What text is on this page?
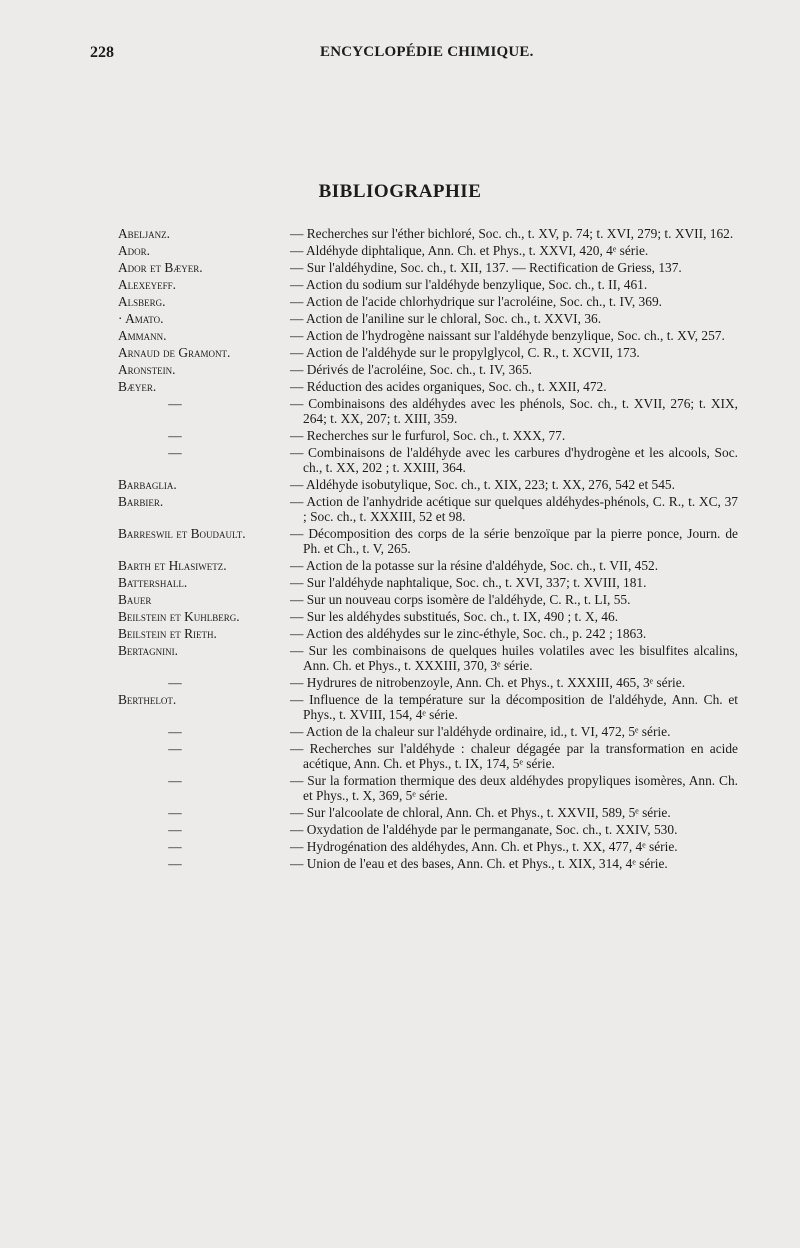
228	ENCYCLOPÉDIE CHIMIQUE.
BIBLIOGRAPHIE
Abeljanz.	— Recherches sur l'éther bichloré, Soc. ch., t. XV, p. 74; t. XVI, 279; t. XVII, 162.
Ador.	— Aldéhyde diphtalique, Ann. Ch. et Phys., t. XXVI, 420, 4ᵉ série.
Ador et Bæyer.	— Sur l'aldéhydine, Soc. ch., t. XII, 137. — Rectification de Griess, 137.
Alexeyeff.	— Action du sodium sur l'aldéhyde benzylique, Soc. ch., t. II, 461.
Alsberg.	— Action de l'acide chlorhydrique sur l'acroléine, Soc. ch., t. IV, 369.
· Amato.	— Action de l'aniline sur le chloral, Soc. ch., t. XXVI, 36.
Ammann.	— Action de l'hydrogène naissant sur l'aldéhyde benzylique, Soc. ch., t. XV, 257.
Arnaud de Gramont.	— Action de l'aldéhyde sur le propylglycol, C. R., t. XCVII, 173.
Aronstein.	— Dérivés de l'acroléine, Soc. ch., t. IV, 365.
Bæyer.	— Réduction des acides organiques, Soc. ch., t. XXII, 472.
—	— Combinaisons des aldéhydes avec les phénols, Soc. ch., t. XVII, 276; t. XIX, 264; t. XX, 207; t. XIII, 359.
—	— Recherches sur le furfurol, Soc. ch., t. XXX, 77.
—	— Combinaisons de l'aldéhyde avec les carbures d'hydrogène et les alcools, Soc. ch., t. XX, 202 ; t. XXIII, 364.
Barbaglia.	— Aldéhyde isobutylique, Soc. ch., t. XIX, 223; t. XX, 276, 542 et 545.
Barbier.	— Action de l'anhydride acétique sur quelques aldéhydes-phénols, C. R., t. XC, 37 ; Soc. ch., t. XXXIII, 52 et 98.
Barreswil et Boudault.	— Décomposition des corps de la série benzoïque par la pierre ponce, Journ. de Ph. et Ch., t. V, 265.
Barth et Hlasiwetz.	— Action de la potasse sur la résine d'aldéhyde, Soc. ch., t. VII, 452.
Battershall.	— Sur l'aldéhyde naphtalique, Soc. ch., t. XVI, 337; t. XVIII, 181.
Bauer	— Sur un nouveau corps isomère de l'aldéhyde, C. R., t. LI, 55.
Beilstein et Kuhlberg.	— Sur les aldéhydes substitués, Soc. ch., t. IX, 490 ; t. X, 46.
Beilstein et Rieth.	— Action des aldéhydes sur le zinc-éthyle, Soc. ch., p. 242 ; 1863.
Bertagnini.	— Sur les combinaisons de quelques huiles volatiles avec les bisulfites alcalins, Ann. Ch. et Phys., t. XXXIII, 370, 3ᵉ série.
—	— Hydrures de nitrobenzoyle, Ann. Ch. et Phys., t. XXXIII, 465, 3ᵉ série.
Berthelot.	— Influence de la température sur la décomposition de l'aldéhyde, Ann. Ch. et Phys., t. XVIII, 154, 4ᵉ série.
—	— Action de la chaleur sur l'aldéhyde ordinaire, id., t. VI, 472, 5ᵉ série.
—	— Recherches sur l'aldéhyde : chaleur dégagée par la transformation en acide acétique, Ann. Ch. et Phys., t. IX, 174, 5ᵉ série.
—	— Sur la formation thermique des deux aldéhydes propyliques isomères, Ann. Ch. et Phys., t. X, 369, 5ᵉ série.
—	— Sur l'alcoolate de chloral, Ann. Ch. et Phys., t. XXVII, 589, 5ᵉ série.
—	— Oxydation de l'aldéhyde par le permanganate, Soc. ch., t. XXIV, 530.
—	— Hydrogénation des aldéhydes, Ann. Ch. et Phys., t. XX, 477, 4ᵉ série.
—	— Union de l'eau et des bases, Ann. Ch. et Phys., t. XIX, 314, 4ᵉ série.
